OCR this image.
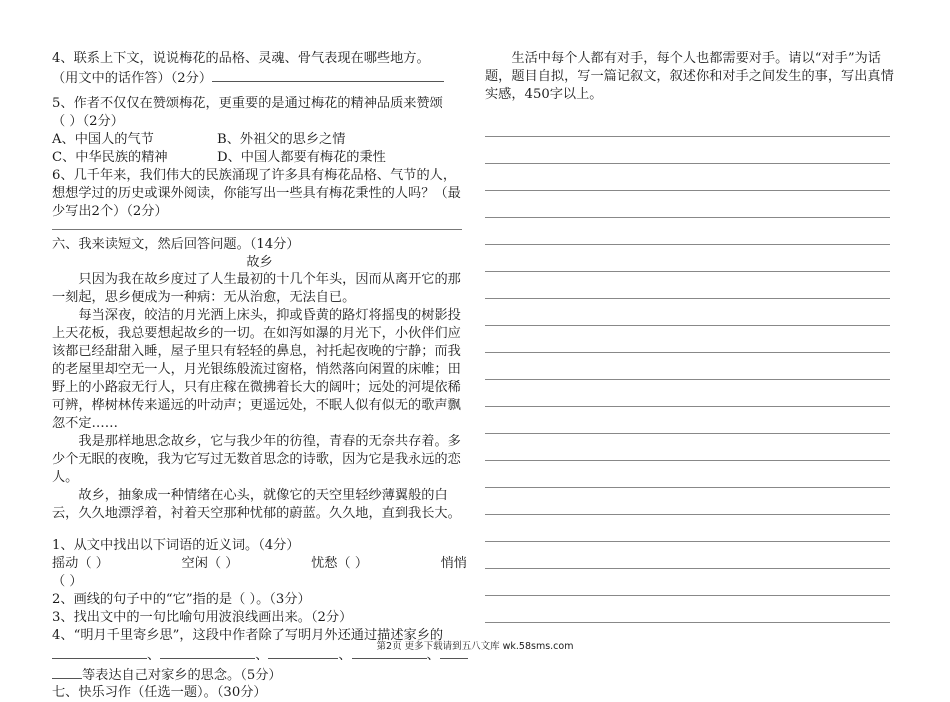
4、联系上下文，说说梅花的品格、灵魂、骨气表现在哪些地方。

（用文中的话作答）（2分）

5、作者不仅仅在赞颂梅花，更重要的是通过梅花的精神品质来赞颂

（ ）（2分）

A、中国人的气节	B、外祖父的思乡之情
C、中华民族的精神	D、中国人都要有梅花的秉性

6、几千年来，我们伟大的民族涌现了许多具有梅花品格、气节的人，想想学过的历史或课外阅读，你能写出一些具有梅花秉性的人吗？（最少写出2个）（2分）

六、我来读短文，然后回答问题。（14分）

故乡

只因为我在故乡度过了人生最初的十几个年头，因而从离开它的那一刻起，思乡便成为一种病：无从治愈，无法自已。

每当深夜，皎洁的月光洒上床头，抑或昏黄的路灯将摇曳的树影投上天花板，我总要想起故乡的一切。在如泻如瀑的月光下，小伙伴们应该都已经甜甜入睡，屋子里只有轻轻的鼻息，衬托起夜晚的宁静；而我的老屋里却空无一人，月光银练般流过窗格，悄然落向闲置的床帷；田野上的小路寂无行人，只有庄稼在微拂着长大的阔叶；远处的河堤依稀可辨，桦树林传来遥远的叶动声；更遥远处，不眠人似有似无的歌声飘忽不定……

我是那样地思念故乡，它与我少年的彷徨，青春的无奈共存着。多少个无眠的夜晚，我为它写过无数首思念的诗歌，因为它是我永远的恋人。

故乡，抽象成一种情绪在心头，就像它的天空里轻纱薄翼般的白云，久久地漂浮着，衬着天空那种忧郁的蔚蓝。久久地，直到我长大。

1、从文中找出以下词语的近义词。（4分）

摇动（ ）	空闲（ ）	忧愁（ ）	悄悄

（ ）

2、画线的句子中的“它”指的是（ ）。（3分）

3、找出文中的一句比喻句用波浪线画出来。（2分）

4、“明月千里寄乡思”，这段中作者除了写明月外还通过描述家乡的

、	、	、	、

等表达自己对家乡的思念。（5分）

七、快乐习作（任选一题）。（30分）

生活中每个人都有对手，每个人也都需要对手。请以“对手”为话题，题目自拟，写一篇记叙文，叙述你和对手之间发生的事，写出真情实感，450字以上。

第2页 更多下载请到五八文库 wk.58sms.com
